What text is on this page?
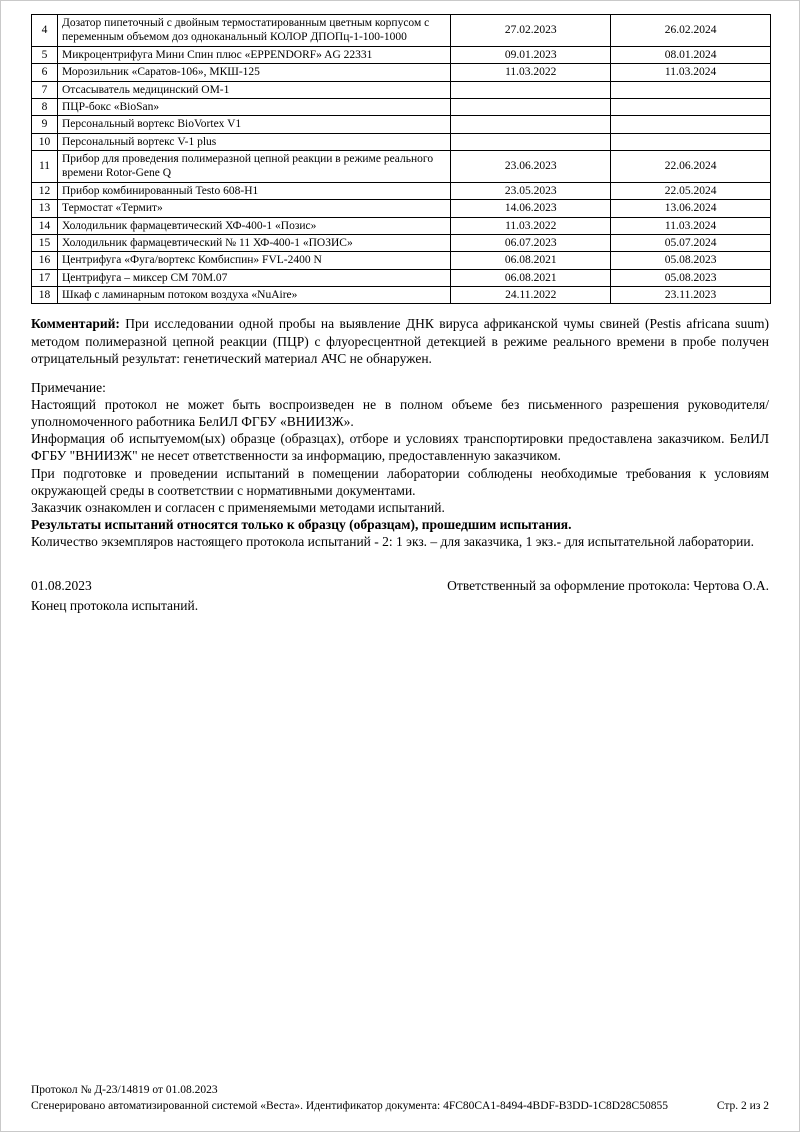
4	Дозатор пипеточный с двойным термостатированным цветным корпусом с переменным объемом доз одноканальный КОЛОР ДПОПц-1-100-1000	27.02.2023	26.02.2024
5	Микроцентрифуга Мини Спин плюс «EPPENDORF» AG 22331	09.01.2023	08.01.2024
6	Морозильник «Саратов-106», МКШ-125	11.03.2022	11.03.2024
7	Отсасыватель медицинский ОМ-1		
8	ПЦР-бокс «BioSan»		
9	Персональный вортекс BioVortex V1		
10	Персональный вортекс V-1 plus		
11	Прибор для проведения полимеразной цепной реакции в режиме реального времени Rotor-Gene Q	23.06.2023	22.06.2024
12	Прибор комбинированный Testo 608-Н1	23.05.2023	22.05.2024
13	Термостат «Термит»	14.06.2023	13.06.2024
14	Холодильник фармацевтический ХФ-400-1 «Позис»	11.03.2022	11.03.2024
15	Холодильник фармацевтический № 11 ХФ-400-1 «ПОЗИС»	06.07.2023	05.07.2024
16	Центрифуга «Фуга/вортекс Комбиспин» FVL-2400 N	06.08.2021	05.08.2023
17	Центрифуга – миксер СМ 70М.07	06.08.2021	05.08.2023
18	Шкаф с ламинарным потоком воздуха «NuAire»	24.11.2022	23.11.2023

Комментарий: При исследовании одной пробы на выявление ДНК вируса африканской чумы свиней (Pestis africana suum) методом полимеразной цепной реакции (ПЦР) с флуоресцентной детекцией в режиме реального времени в пробе получен отрицательный результат: генетический материал АЧС не обнаружен.

Примечание:

Настоящий протокол не может быть воспроизведен не в полном объеме без письменного разрешения руководителя/уполномоченного работника БелИЛ ФГБУ «ВНИИЗЖ».

Информация об испытуемом(ых) образце (образцах), отборе и условиях транспортировки предоставлена заказчиком. БелИЛ ФГБУ "ВНИИЗЖ" не несет ответственности за информацию, предоставленную заказчиком.

При подготовке и проведении испытаний в помещении лаборатории соблюдены необходимые требования к условиям окружающей среды в соответствии с нормативными документами.

Заказчик ознакомлен и согласен с применяемыми методами испытаний.

Результаты испытаний относятся только к образцу (образцам), прошедшим испытания.

Количество экземпляров настоящего протокола испытаний - 2: 1 экз. – для заказчика, 1 экз.- для испытательной лаборатории.

01.08.2023	Ответственный за оформление протокола: Чертова О.А.

Конец протокола испытаний.

Протокол № Д-23/14819 от 01.08.2023
Сгенерировано автоматизированной системой «Веста». Идентификатор документа: 4FC80CA1-8494-4BDF-B3DD-1C8D28C50855	Стр. 2 из 2
